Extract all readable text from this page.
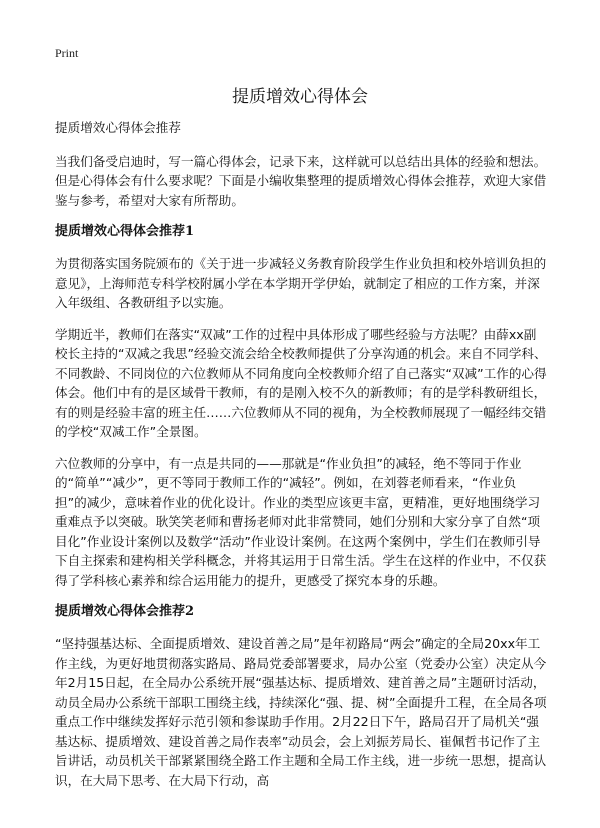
Print
提质增效心得体会

提质增效心得体会推荐

当我们备受启迪时，写一篇心得体会，记录下来，这样就可以总结出具体的经验和想法。但是心得体会有什么要求呢？下面是小编收集整理的提质增效心得体会推荐，欢迎大家借鉴与参考，希望对大家有所帮助。

提质增效心得体会推荐1

为贯彻落实国务院颁布的《关于进一步减轻义务教育阶段学生作业负担和校外培训负担的意见》，上海师范专科学校附属小学在本学期开学伊始，就制定了相应的工作方案，并深入年级组、各教研组予以实施。

学期近半，教师们在落实“双减”工作的过程中具体形成了哪些经验与方法呢？由薛xx副校长主持的“双减之我思”经验交流会给全校教师提供了分享沟通的机会。来自不同学科、不同教龄、不同岗位的六位教师从不同角度向全校教师介绍了自己落实“双减”工作的心得体会。他们中有的是区域骨干教师，有的是刚入校不久的新教师；有的是学科教研组长，有的则是经验丰富的班主任……六位教师从不同的视角，为全校教师展现了一幅经纬交错的学校“双减工作”全景图。

六位教师的分享中，有一点是共同的——那就是“作业负担”的减轻，绝不等同于作业的“简单”“减少”，更不等同于教师工作的“减轻”。例如，在刘蓉老师看来，“作业负担”的减少，意味着作业的优化设计。作业的类型应该更丰富，更精准，更好地围绕学习重难点予以突破。耿笑笑老师和曹扬老师对此非常赞同，她们分别和大家分享了自然“项目化”作业设计案例以及数学“活动”作业设计案例。在这两个案例中，学生们在教师引导下自主探索和建构相关学科概念，并将其运用于日常生活。学生在这样的作业中，不仅获得了学科核心素养和综合运用能力的提升，更感受了探究本身的乐趣。

提质增效心得体会推荐2

“坚持强基达标、全面提质增效、建设首善之局”是年初路局“两会”确定的全局20xx年工作主线，为更好地贯彻落实路局、路局党委部署要求，局办公室（党委办公室）决定从今年2月15日起，在全局办公系统开展“强基达标、提质增效、建首善之局”主题研讨活动，动员全局办公系统干部职工围绕主线，持续深化“强、提、树”全面提升工程，在全局各项重点工作中继续发挥好示范引领和参谋助手作用。2月22日下午，路局召开了局机关“强基达标、提质增效、建设首善之局作表率”动员会，会上刘振芳局长、崔佩哲书记作了主旨讲话，动员机关干部紧紧围绕全路工作主题和全局工作主线，进一步统一思想，提高认识，在大局下思考、在大局下行动，高
